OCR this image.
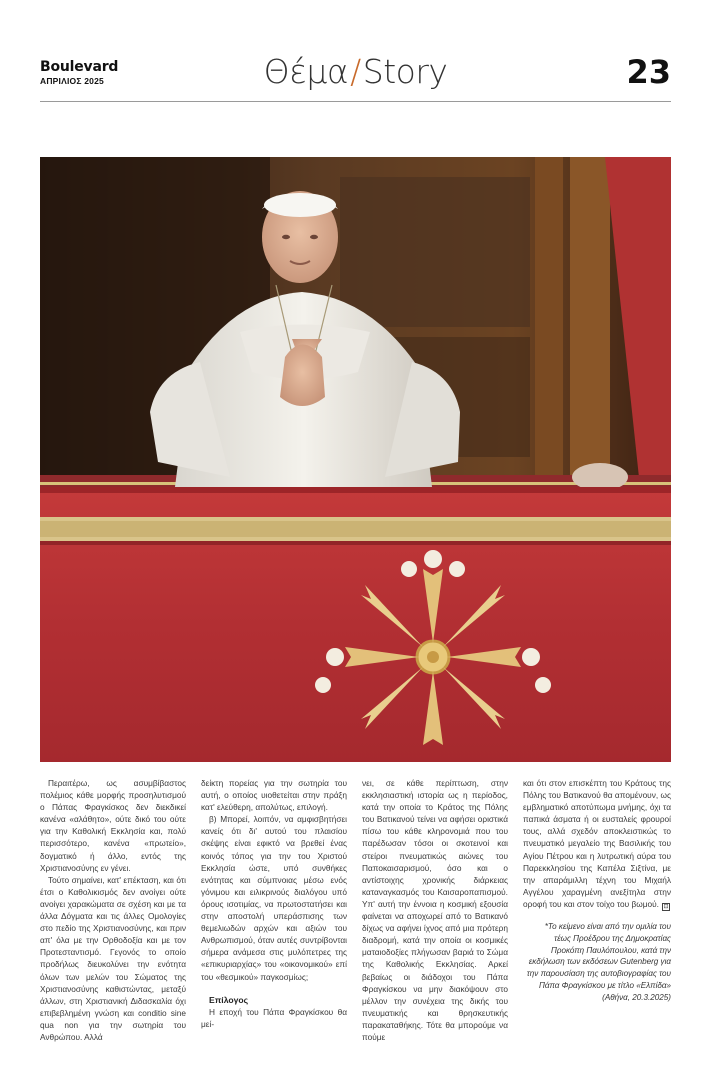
Boulevard
ΑΠΡΙΛΙΟΣ 2025	Θέμα/Story	23

Περαιτέρω, ως ασυμβίβαστος πολέμιος κάθε μορφής προσηλυτισμού ο Πάπας Φραγκίσκος δεν διεκδικεί κανένα «αλάθητο», ούτε δικό του ούτε για την Καθολική Εκκλησία και, πολύ περισσότερο, κανένα «πρωτείο», δογματικό ή άλλο, εντός της Χριστιανοσύνης εν γένει.

Τούτο σημαίνει, κατ' επέκταση, και ότι έτσι ο Καθολικισμός δεν ανοίγει ούτε ανοίγει χαρακώματα σε σχέση και με τα άλλα Δόγματα και τις άλλες Ομολογίες στο πεδίο της Χριστιανοσύνης, και πριν απ' όλα με την Ορθοδοξία και με τον Προτεσταντισμό. Γεγονός το οποίο προδήλως διευκολύνει την ενότητα όλων των μελών του Σώματος της Χριστιανοσύνης καθιστώντας, μεταξύ άλλων, στη Χριστιανική Διδασκαλία όχι επιβεβλημένη γνώση και conditio sine qua non για την σωτηρία του Ανθρώπου. Αλλά

δείκτη πορείας για την σωτηρία του αυτή, ο οποίος υιοθετείται στην πράξη κατ' ελεύθερη, απολύτως, επιλογή.

β) Μπορεί, λοιπόν, να αμφισβητήσει κανείς ότι δι' αυτού του πλαισίου σκέψης είναι εφικτό να βρεθεί ένας κοινός τόπος για την του Χριστού Εκκλησία ώστε, υπό συνθήκες ενότητας και σύμπνοιας μέσω ενός γόνιμου και ειλικρινούς διαλόγου υπό όρους ισοτιμίας, να πρωτοστατήσει και στην αποστολή υπεράσπισης των θεμελιωδών αρχών και αξιών του Ανθρωπισμού, όταν αυτές συντρίβονται σήμερα ανάμεσα στις μυλόπετρες της «επικυριαρχίας» του «οικονομικού» επί του «θεσμικού» παγκοσμίως;

Επίλογος

Η εποχή του Πάπα Φραγκίσκου θα μεί-

νει, σε κάθε περίπτωση, στην εκκλησιαστική ιστορία ως η περίοδος, κατά την οποία το Κράτος της Πόλης του Βατικανού τείνει να αφήσει οριστικά πίσω του κάθε κληρονομιά που του παρέδωσαν τόσοι οι σκοτεινοί και στείροι πνευματικώς αιώνες του Παποκαισαρισμού, όσο και ο αντίστοιχης χρονικής διάρκειας καταναγκασμός του Καισαροπαπισμού. Υπ' αυτή την έννοια η κοσμική εξουσία φαίνεται να αποχωρεί από το Βατικανό δίχως να αφήνει ίχνος από μια πρότερη διαδρομή, κατά την οποία οι κοσμικές ματαιοδοξίες πλήγωσαν βαριά το Σώμα της Καθολικής Εκκλησίας. Αρκεί βεβαίως οι διάδοχοι του Πάπα Φραγκίσκου να μην διακόψουν στο μέλλον την συνέχεια της δικής του πνευματικής και θρησκευτικής παρακαταθήκης. Τότε θα μπορούμε να πούμε

και ότι στον επισκέπτη του Κράτους της Πόλης του Βατικανού θα απομένουν, ως εμβληματικό αποτύπωμα μνήμης, όχι τα παπικά άσματα ή οι ευσταλείς φρουροί τους, αλλά σχεδόν αποκλειστικώς το πνευματικό μεγαλείο της Βασιλικής του Αγίου Πέτρου και η λυτρωτική αύρα του Παρεκκλησίου της Καπέλα Σιξτίνα, με την απαράμιλλη τέχνη του Μιχαήλ Αγγέλου χαραγμένη ανεξίτηλα στην οροφή του και στον τοίχο του βωμού. ⊡

*Το κείμενο είναι από την ομιλία του τέως Προέδρου της Δημοκρατίας Προκόπη Παυλόπουλου, κατά την εκδήλωση των εκδόσεων Gutenberg για την παρουσίαση της αυτοβιογραφίας του Πάπα Φραγκίσκου με τίτλο «Ελπίδα» (Αθήνα, 20.3.2025)
